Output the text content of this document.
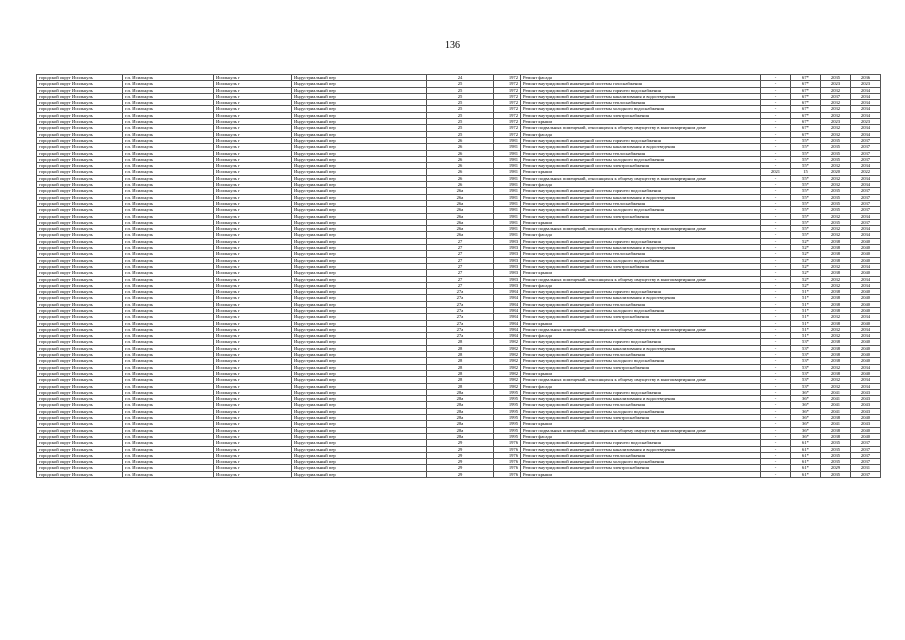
136
городской округ Исилькуль	г.п. Исилькуль	Исилькуль г	Индустриальный пер	24	1972	Ремонт фасада	-	67*	2035	2036
городской округ Исилькуль	г.п. Исилькуль	Исилькуль г	Индустриальный пер	25	1972	Ремонт внутридомовой инженерной системы газоснабжения	-	67*	2023	2023
городской округ Исилькуль	г.п. Исилькуль	Исилькуль г	Индустриальный пер	25	1972	Ремонт внутридомовой инженерной системы горячего водоснабжения	-	67*	2032	2034
городской округ Исилькуль	г.п. Исилькуль	Исилькуль г	Индустриальный пер	25	1972	Ремонт внутридомовой инженерной системы канализования и водоотведения	-	67*	2037	2034
городской округ Исилькуль	г.п. Исилькуль	Исилькуль г	Индустриальный пер	25	1972	Ремонт внутридомовой инженерной системы теплоснабжения	-	67*	2032	2034
городской округ Исилькуль	г.п. Исилькуль	Исилькуль г	Индустриальный пер	25	1972	Ремонт внутридомовой инженерной системы холодного водоснабжения	-	67*	2032	2034
городской округ Исилькуль	г.п. Исилькуль	Исилькуль г	Индустриальный пер	25	1972	Ремонт внутридомовой инженерной системы электроснабжения	-	67*	2032	2034
городской округ Исилькуль	г.п. Исилькуль	Исилькуль г	Индустриальный пер	25	1972	Ремонт крыши	-	67*	2023	2023
городской округ Исилькуль	г.п. Исилькуль	Исилькуль г	Индустриальный пер	25	1972	Ремонт подвальных помещений, относящихся к общему имуществу в многоквартирном доме	-	67*	2032	2034
городской округ Исилькуль	г.п. Исилькуль	Исилькуль г	Индустриальный пер	25	1972	Ремонт фасада	-	67*	2032	2034
городской округ Исилькуль	г.п. Исилькуль	Исилькуль г	Индустриальный пер	26	1981	Ремонт внутридомовой инженерной системы горячего водоснабжения	-	55*	2035	2037
городской округ Исилькуль	г.п. Исилькуль	Исилькуль г	Индустриальный пер	26	1981	Ремонт внутридомовой инженерной системы канализования и водоотведения	-	55*	2035	2037
городской округ Исилькуль	г.п. Исилькуль	Исилькуль г	Индустриальный пер	26	1981	Ремонт внутридомовой инженерной системы теплоснабжения	-	55*	2035	2037
городской округ Исилькуль	г.п. Исилькуль	Исилькуль г	Индустриальный пер	26	1981	Ремонт внутридомовой инженерной системы холодного водоснабжения	-	55*	2035	2037
городской округ Исилькуль	г.п. Исилькуль	Исилькуль г	Индустриальный пер	26	1981	Ремонт внутридомовой инженерной системы электроснабжения	-	55*	2032	2034
городской округ Исилькуль	г.п. Исилькуль	Исилькуль г	Индустриальный пер	26	1981	Ремонт крыши	2021	15	2020	2022
городской округ Исилькуль	г.п. Исилькуль	Исилькуль г	Индустриальный пер	26	1981	Ремонт подвальных помещений, относящихся к общему имуществу в многоквартирном доме	-	55*	2032	2034
городской округ Исилькуль	г.п. Исилькуль	Исилькуль г	Индустриальный пер	26	1981	Ремонт фасада	-	55*	2032	2034
городской округ Исилькуль	г.п. Исилькуль	Исилькуль г	Индустриальный пер	26а	1981	Ремонт внутридомовой инженерной системы горячего водоснабжения	-	55*	2035	2037
городской округ Исилькуль	г.п. Исилькуль	Исилькуль г	Индустриальный пер	26а	1981	Ремонт внутридомовой инженерной системы канализования и водоотведения	-	55*	2035	2037
городской округ Исилькуль	г.п. Исилькуль	Исилькуль г	Индустриальный пер	26а	1981	Ремонт внутридомовой инженерной системы теплоснабжения	-	55*	2035	2037
городской округ Исилькуль	г.п. Исилькуль	Исилькуль г	Индустриальный пер	26а	1981	Ремонт внутридомовой инженерной системы холодного водоснабжения	-	55*	2035	2037
городской округ Исилькуль	г.п. Исилькуль	Исилькуль г	Индустриальный пер	26а	1981	Ремонт внутридомовой инженерной системы электроснабжения	-	55*	2032	2034
городской округ Исилькуль	г.п. Исилькуль	Исилькуль г	Индустриальный пер	26а	1981	Ремонт крыши	-	55*	2035	2037
городской округ Исилькуль	г.п. Исилькуль	Исилькуль г	Индустриальный пер	26а	1981	Ремонт подвальных помещений, относящихся к общему имуществу в многоквартирном доме	-	55*	2032	2034
городской округ Исилькуль	г.п. Исилькуль	Исилькуль г	Индустриальный пер	26а	1981	Ремонт фасада	-	55*	2032	2034
городской округ Исилькуль	г.п. Исилькуль	Исилькуль г	Индустриальный пер	27	1983	Ремонт внутридомовой инженерной системы горячего водоснабжения	-	52*	2038	2040
городской округ Исилькуль	г.п. Исилькуль	Исилькуль г	Индустриальный пер	27	1983	Ремонт внутридомовой инженерной системы канализования и водоотведения	-	52*	2038	2040
городской округ Исилькуль	г.п. Исилькуль	Исилькуль г	Индустриальный пер	27	1983	Ремонт внутридомовой инженерной системы теплоснабжения	-	52*	2038	2040
городской округ Исилькуль	г.п. Исилькуль	Исилькуль г	Индустриальный пер	27	1983	Ремонт внутридомовой инженерной системы холодного водоснабжения	-	52*	2038	2040
городской округ Исилькуль	г.п. Исилькуль	Исилькуль г	Индустриальный пер	27	1983	Ремонт внутридомовой инженерной системы электроснабжения	-	52*	2032	2034
городской округ Исилькуль	г.п. Исилькуль	Исилькуль г	Индустриальный пер	27	1983	Ремонт крыши	-	52*	2038	2040
городской округ Исилькуль	г.п. Исилькуль	Исилькуль г	Индустриальный пер	27	1983	Ремонт подвальных помещений, относящихся к общему имуществу в многоквартирном доме	-	52*	2032	2034
городской округ Исилькуль	г.п. Исилькуль	Исилькуль г	Индустриальный пер	27	1983	Ремонт фасада	-	52*	2032	2034
городской округ Исилькуль	г.п. Исилькуль	Исилькуль г	Индустриальный пер	27а	1984	Ремонт внутридомовой инженерной системы горячего водоснабжения	-	51*	2038	2040
городской округ Исилькуль	г.п. Исилькуль	Исилькуль г	Индустриальный пер	27а	1984	Ремонт внутридомовой инженерной системы канализования и водоотведения	-	51*	2038	2040
городской округ Исилькуль	г.п. Исилькуль	Исилькуль г	Индустриальный пер	27а	1984	Ремонт внутридомовой инженерной системы теплоснабжения	-	51*	2038	2040
городской округ Исилькуль	г.п. Исилькуль	Исилькуль г	Индустриальный пер	27а	1984	Ремонт внутридомовой инженерной системы холодного водоснабжения	-	51*	2038	2040
городской округ Исилькуль	г.п. Исилькуль	Исилькуль г	Индустриальный пер	27а	1984	Ремонт внутридомовой инженерной системы электроснабжения	-	51*	2032	2034
городской округ Исилькуль	г.п. Исилькуль	Исилькуль г	Индустриальный пер	27а	1984	Ремонт крыши	-	51*	2038	2040
городской округ Исилькуль	г.п. Исилькуль	Исилькуль г	Индустриальный пер	27а	1984	Ремонт подвальных помещений, относящихся к общему имуществу в многоквартирном доме	-	51*	2032	2034
городской округ Исилькуль	г.п. Исилькуль	Исилькуль г	Индустриальный пер	27а	1984	Ремонт фасада	-	51*	2032	2034
городской округ Исилькуль	г.п. Исилькуль	Исилькуль г	Индустриальный пер	28	1982	Ремонт внутридомовой инженерной системы горячего водоснабжения	-	53*	2038	2040
городской округ Исилькуль	г.п. Исилькуль	Исилькуль г	Индустриальный пер	28	1982	Ремонт внутридомовой инженерной системы канализования и водоотведения	-	53*	2038	2040
городской округ Исилькуль	г.п. Исилькуль	Исилькуль г	Индустриальный пер	28	1982	Ремонт внутридомовой инженерной системы теплоснабжения	-	53*	2038	2040
городской округ Исилькуль	г.п. Исилькуль	Исилькуль г	Индустриальный пер	28	1982	Ремонт внутридомовой инженерной системы холодного водоснабжения	-	53*	2038	2040
городской округ Исилькуль	г.п. Исилькуль	Исилькуль г	Индустриальный пер	28	1982	Ремонт внутридомовой инженерной системы электроснабжения	-	53*	2032	2034
городской округ Исилькуль	г.п. Исилькуль	Исилькуль г	Индустриальный пер	28	1982	Ремонт крыши	-	53*	2038	2040
городской округ Исилькуль	г.п. Исилькуль	Исилькуль г	Индустриальный пер	28	1982	Ремонт подвальных помещений, относящихся к общему имуществу в многоквартирном доме	-	53*	2032	2034
городской округ Исилькуль	г.п. Исилькуль	Исилькуль г	Индустриальный пер	28	1982	Ремонт фасада	-	53*	2032	2034
городской округ Исилькуль	г.п. Исилькуль	Исилькуль г	Индустриальный пер	28а	1995	Ремонт внутридомовой инженерной системы горячего водоснабжения	-	36*	2041	2043
городской округ Исилькуль	г.п. Исилькуль	Исилькуль г	Индустриальный пер	28а	1995	Ремонт внутридомовой инженерной системы канализования и водоотведения	-	36*	2041	2043
городской округ Исилькуль	г.п. Исилькуль	Исилькуль г	Индустриальный пер	28а	1995	Ремонт внутридомовой инженерной системы теплоснабжения	-	36*	2041	2043
городской округ Исилькуль	г.п. Исилькуль	Исилькуль г	Индустриальный пер	28а	1995	Ремонт внутридомовой инженерной системы холодного водоснабжения	-	36*	2041	2043
городской округ Исилькуль	г.п. Исилькуль	Исилькуль г	Индустриальный пер	28а	1995	Ремонт внутридомовой инженерной системы электроснабжения	-	36*	2038	2040
городской округ Исилькуль	г.п. Исилькуль	Исилькуль г	Индустриальный пер	28а	1995	Ремонт крыши	-	36*	2041	2043
городской округ Исилькуль	г.п. Исилькуль	Исилькуль г	Индустриальный пер	28а	1995	Ремонт подвальных помещений, относящихся к общему имуществу в многоквартирном доме	-	36*	2038	2040
городской округ Исилькуль	г.п. Исилькуль	Исилькуль г	Индустриальный пер	28а	1995	Ремонт фасада	-	36*	2038	2040
городской округ Исилькуль	г.п. Исилькуль	Исилькуль г	Индустриальный пер	29	1976	Ремонт внутридомовой инженерной системы горячего водоснабжения	-	61*	2035	2037
городской округ Исилькуль	г.п. Исилькуль	Исилькуль г	Индустриальный пер	29	1976	Ремонт внутридомовой инженерной системы канализования и водоотведения	-	61*	2035	2037
городской округ Исилькуль	г.п. Исилькуль	Исилькуль г	Индустриальный пер	29	1976	Ремонт внутридомовой инженерной системы теплоснабжения	-	61*	2035	2037
городской округ Исилькуль	г.п. Исилькуль	Исилькуль г	Индустриальный пер	29	1976	Ремонт внутридомовой инженерной системы холодного водоснабжения	-	61*	2035	2037
городской округ Исилькуль	г.п. Исилькуль	Исилькуль г	Индустриальный пер	29	1976	Ремонт внутридомовой инженерной системы электроснабжения	-	61*	2029	2031
городской округ Исилькуль	г.п. Исилькуль	Исилькуль г	Индустриальный пер	29	1976	Ремонт крыши	-	61*	2035	2037
